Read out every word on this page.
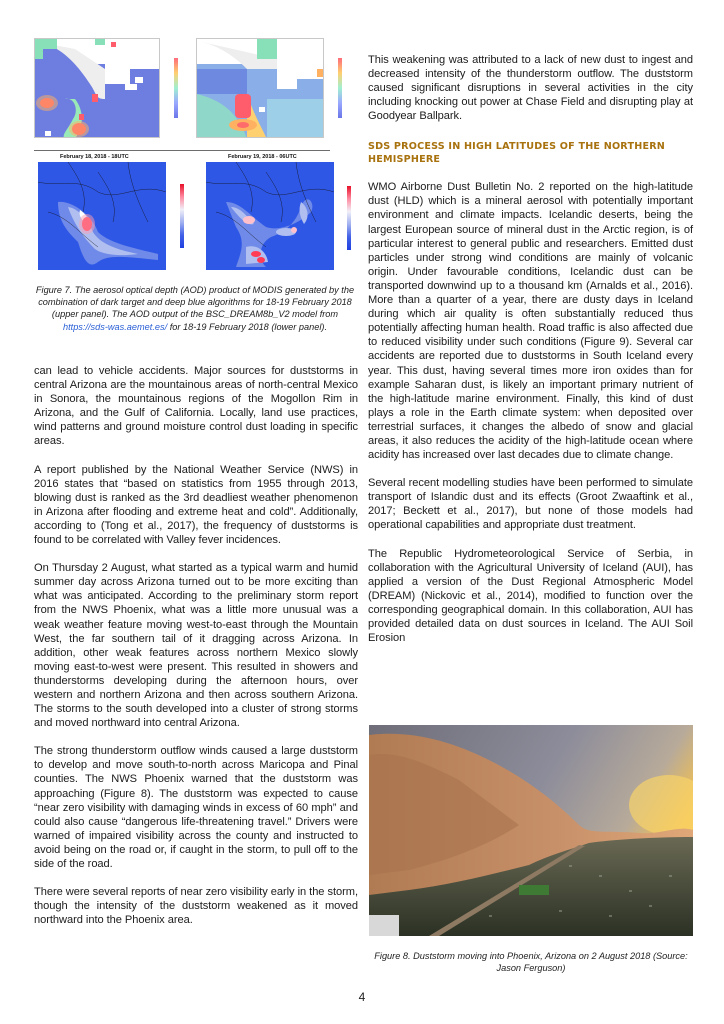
February 18, 2018 - 18UTC	February 19, 2018 - 06UTC
Figure 7. The aerosol optical depth (AOD) product of MODIS generated by the combination of dark target and deep blue algorithms for 18-19 February 2018 (upper panel). The AOD output of the BSC_DREAM8b_V2 model from https://sds-was.aemet.es/ for 18-19 February 2018 (lower panel).

can lead to vehicle accidents. Major sources for duststorms in central Arizona are the mountainous areas of north-central Mexico in Sonora, the mountainous regions of the Mogollon Rim in Arizona, and the Gulf of California. Locally, land use practices, wind patterns and ground moisture control dust loading in specific areas.

A report published by the National Weather Service (NWS) in 2016 states that “based on statistics from 1955 through 2013, blowing dust is ranked as the 3rd deadliest weather phenomenon in Arizona after flooding and extreme heat and cold”. Additionally, according to (Tong et al., 2017), the frequency of duststorms is found to be correlated with Valley fever incidences.

On Thursday 2 August, what started as a typical warm and humid summer day across Arizona turned out to be more exciting than what was anticipated. According to the preliminary storm report from the NWS Phoenix, what was a little more unusual was a weak weather feature moving west-to-east through the Mountain West, the far southern tail of it dragging across Arizona. In addition, other weak features across northern Mexico slowly moving east-to-west were present. This resulted in showers and thunderstorms developing during the afternoon hours, over western and northern Arizona and then across southern Arizona. The storms to the south developed into a cluster of strong storms and moved northward into central Arizona.

The strong thunderstorm outflow winds caused a large duststorm to develop and move south-to-north across Maricopa and Pinal counties. The NWS Phoenix warned that the duststorm was approaching (Figure 8). The duststorm was expected to cause “near zero visibility with damaging winds in excess of 60 mph” and could also cause “dangerous life-threatening travel.” Drivers were warned of impaired visibility across the county and instructed to avoid being on the road or, if caught in the storm, to pull off to the side of the road.

There were several reports of near zero visibility early in the storm, though the intensity of the duststorm weakened as it moved northward into the Phoenix area.

This weakening was attributed to a lack of new dust to ingest and decreased intensity of the thunderstorm outflow. The duststorm caused significant disruptions in several activities in the city including knocking out power at Chase Field and disrupting play at Goodyear Ballpark.

SDS PROCESS IN HIGH LATITUDES OF THE NORTHERN HEMISPHERE

WMO Airborne Dust Bulletin No. 2 reported on the high-latitude dust (HLD) which is a mineral aerosol with potentially important environment and climate impacts. Icelandic deserts, being the largest European source of mineral dust in the Arctic region, is of particular interest to general public and researchers. Emitted dust particles under strong wind conditions are mainly of volcanic origin. Under favourable conditions, Icelandic dust can be transported downwind up to a thousand km (Arnalds et al., 2016). More than a quarter of a year, there are dusty days in Iceland during which air quality is often substantially reduced thus potentially affecting human health. Road traffic is also affected due to reduced visibility under such conditions (Figure 9). Several car accidents are reported due to duststorms in South Iceland every year. This dust, having several times more iron oxides than for example Saharan dust, is likely an important primary nutrient of the high-latitude marine environment. Finally, this kind of dust plays a role in the Earth climate system: when deposited over terrestrial surfaces, it changes the albedo of snow and glacial areas, it also reduces the acidity of the high-latitude ocean where acidity has increased over last decades due to climate change.

Several recent modelling studies have been performed to simulate transport of Islandic dust and its effects (Groot Zwaaftink et al., 2017; Beckett et al., 2017), but none of those models had operational capabilities and appropriate dust treatment.

The Republic Hydrometeorological Service of Serbia, in collaboration with the Agricultural University of Iceland (AUI), has applied a version of the Dust Regional Atmospheric Model (DREAM) (Nickovic et al., 2014), modified to function over the corresponding geographical domain. In this collaboration, AUI has provided detailed data on dust sources in Iceland. The AUI Soil Erosion

Figure 8. Duststorm moving into Phoenix, Arizona on 2 August 2018 (Source: Jason Ferguson)
4
